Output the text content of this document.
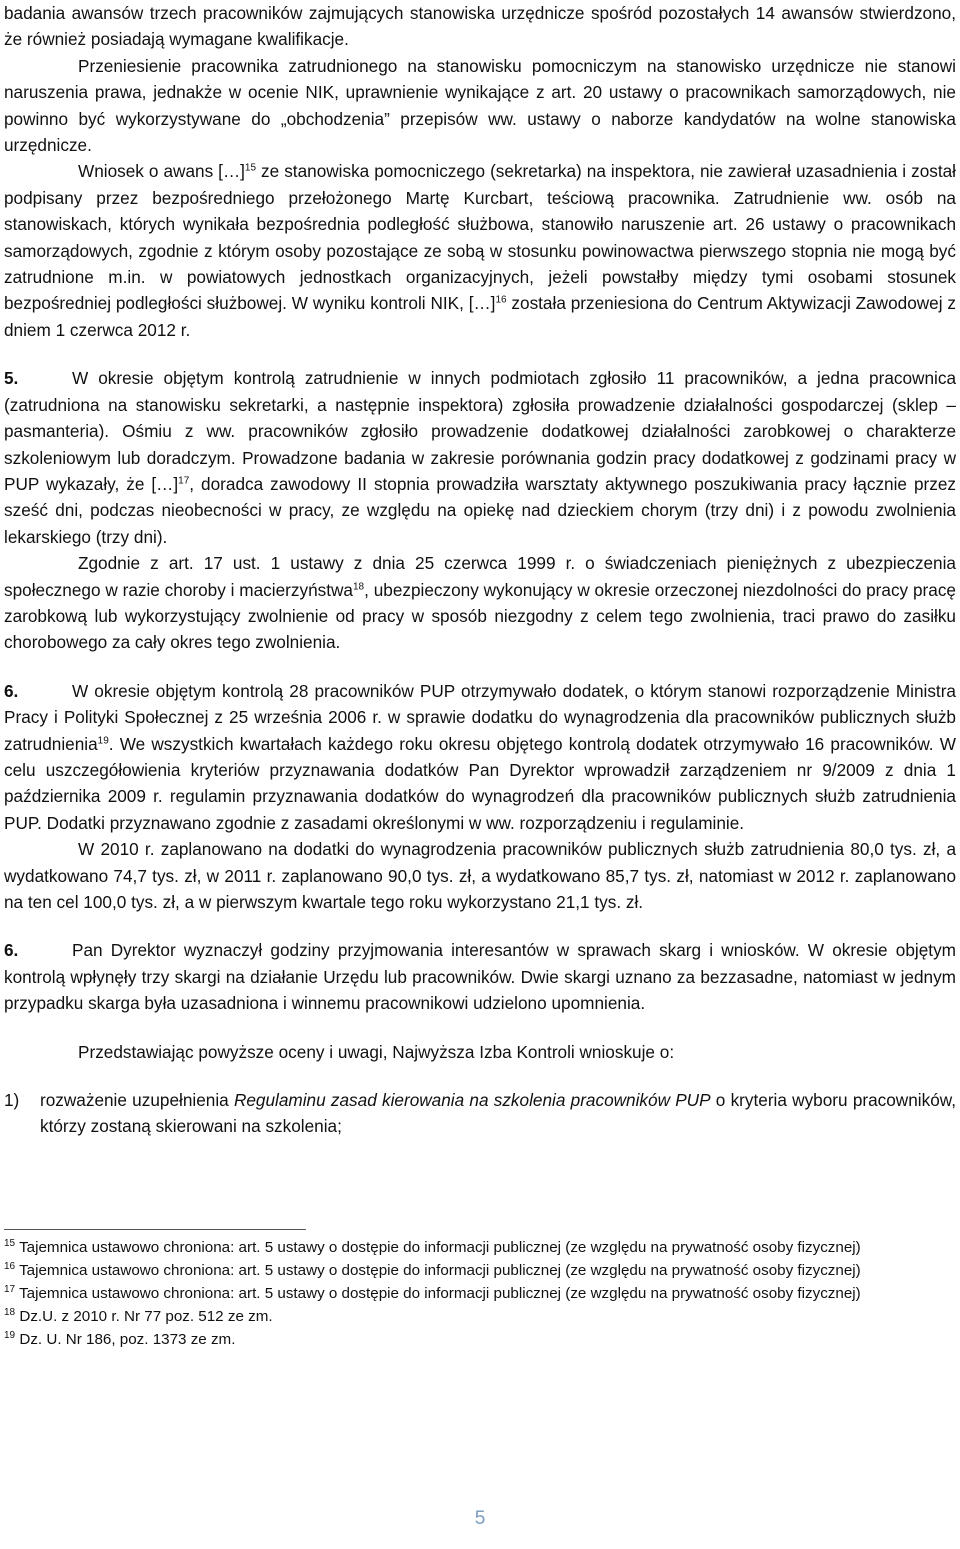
badania awansów trzech pracowników zajmujących stanowiska urzędnicze spośród pozostałych 14 awansów stwierdzono, że również posiadają wymagane kwalifikacje.

Przeniesienie pracownika zatrudnionego na stanowisku pomocniczym na stanowisko urzędnicze nie stanowi naruszenia prawa, jednakże w ocenie NIK, uprawnienie wynikające z art. 20 ustawy o pracownikach samorządowych, nie powinno być wykorzystywane do „obchodzenia” przepisów ww. ustawy o naborze kandydatów na wolne stanowiska urzędnicze.

Wniosek o awans […]$^{15}$ ze stanowiska pomocniczego (sekretarka) na inspektora, nie zawierał uzasadnienia i został podpisany przez bezpośredniego przełożonego Martę Kurcbart, teściową pracownika. Zatrudnienie ww. osób na stanowiskach, których wynikała bezpośrednia podległość służbowa, stanowiło naruszenie art. 26 ustawy o pracownikach samorządowych, zgodnie z którym osoby pozostające ze sobą w stosunku powinowactwa pierwszego stopnia nie mogą być zatrudnione m.in. w powiatowych jednostkach organizacyjnych, jeżeli powstałby między tymi osobami stosunek bezpośredniej podległości służbowej. W wyniku kontroli NIK, […]$^{16}$ została przeniesiona do Centrum Aktywizacji Zawodowej z dniem 1 czerwca 2012 r.

5.	W okresie objętym kontrolą zatrudnienie w innych podmiotach zgłosiło 11 pracowników, a jedna pracownica (zatrudniona na stanowisku sekretarki, a następnie inspektora) zgłosiła prowadzenie działalności gospodarczej (sklep – pasmanteria). Ośmiu z ww. pracowników zgłosiło prowadzenie dodatkowej działalności zarobkowej o charakterze szkoleniowym lub doradczym. Prowadzone badania w zakresie porównania godzin pracy dodatkowej z godzinami pracy w PUP wykazały, że […]$^{17}$, doradca zawodowy II stopnia prowadziła warsztaty aktywnego poszukiwania pracy łącznie przez sześć dni, podczas nieobecności w pracy, ze względu na opiekę nad dzieckiem chorym (trzy dni) i z powodu zwolnienia lekarskiego (trzy dni).

Zgodnie z art. 17 ust. 1 ustawy z dnia 25 czerwca 1999 r. o świadczeniach pieniężnych z ubezpieczenia społecznego w razie choroby i macierzyństwa$^{18}$, ubezpieczony wykonujący w okresie orzeczonej niezdolności do pracy pracę zarobkową lub wykorzystujący zwolnienie od pracy w sposób niezgodny z celem tego zwolnienia, traci prawo do zasiłku chorobowego za cały okres tego zwolnienia.

6.	W okresie objętym kontrolą 28 pracowników PUP otrzymywało dodatek, o którym stanowi rozporządzenie Ministra Pracy i Polityki Społecznej z 25 września 2006 r. w sprawie dodatku do wynagrodzenia dla pracowników publicznych służb zatrudnienia$^{19}$. We wszystkich kwartałach każdego roku okresu objętego kontrolą dodatek otrzymywało 16 pracowników. W celu uszczegółowienia kryteriów przyznawania dodatków Pan Dyrektor wprowadził zarządzeniem nr 9/2009 z dnia 1 października 2009 r. regulamin przyznawania dodatków do wynagrodzeń dla pracowników publicznych służb zatrudnienia PUP. Dodatki przyznawano zgodnie z zasadami określonymi w ww. rozporządzeniu i regulaminie.

W 2010 r. zaplanowano na dodatki do wynagrodzenia pracowników publicznych służb zatrudnienia 80,0 tys. zł, a wydatkowano 74,7 tys. zł, w 2011 r. zaplanowano 90,0 tys. zł, a wydatkowano 85,7 tys. zł, natomiast w 2012 r. zaplanowano na ten cel 100,0 tys. zł, a w pierwszym kwartale tego roku wykorzystano 21,1 tys. zł.

6.	Pan Dyrektor wyznaczył godziny przyjmowania interesantów w sprawach skarg i wniosków. W okresie objętym kontrolą wpłynęły trzy skargi na działanie Urzędu lub pracowników. Dwie skargi uznano za bezzasadne, natomiast w jednym przypadku skarga była uzasadniona i winnemu pracownikowi udzielono upomnienia.

Przedstawiając powyższe oceny i uwagi, Najwyższa Izba Kontroli wnioskuje o:

1)	rozważenie uzupełnienia Regulaminu zasad kierowania na szkolenia pracowników PUP o kryteria wyboru pracowników, którzy zostaną skierowani na szkolenia;

$^{15}$ Tajemnica ustawowo chroniona: art. 5 ustawy o dostępie do informacji publicznej (ze względu na prywatność osoby fizycznej)

$^{16}$ Tajemnica ustawowo chroniona: art. 5 ustawy o dostępie do informacji publicznej (ze względu na prywatność osoby fizycznej)

$^{17}$ Tajemnica ustawowo chroniona: art. 5 ustawy o dostępie do informacji publicznej (ze względu na prywatność osoby fizycznej)

$^{18}$ Dz.U. z 2010 r. Nr 77 poz. 512 ze zm.

$^{19}$ Dz. U. Nr 186, poz. 1373 ze zm.

5
